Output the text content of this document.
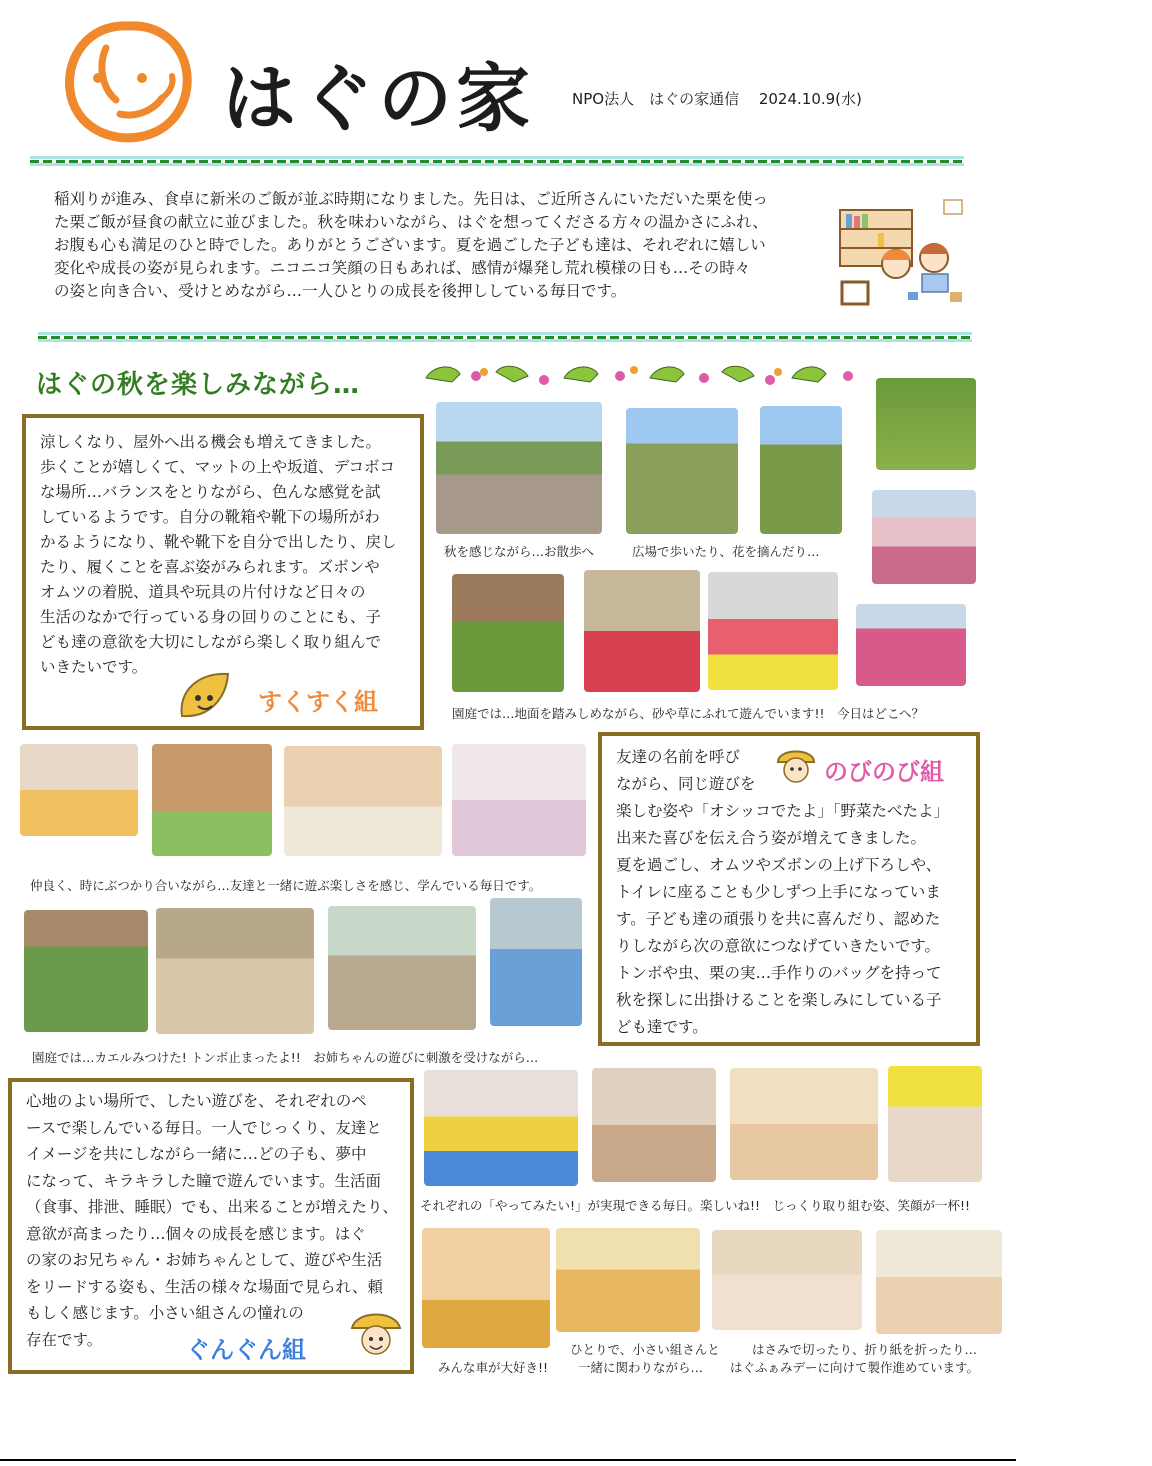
はぐの家	NPO法人　はぐの家通信　 2024.10.9(水)

稲刈りが進み、食卓に新米のご飯が並ぶ時期になりました。先日は、ご近所さんにいただいた栗を使っ

た栗ご飯が昼食の献立に並びました。秋を味わいながら、はぐを想ってくださる方々の温かさにふれ、

お腹も心も満足のひと時でした。ありがとうございます。夏を過ごした子ども達は、それぞれに嬉しい

変化や成長の姿が見られます。ニコニコ笑顔の日もあれば、感情が爆発し荒れ模様の日も…その時々

の姿と向き合い、受けとめながら…一人ひとりの成長を後押ししている毎日です。

はぐの秋を楽しみながら…
涼しくなり、屋外へ出る機会も増えてきました。
歩くことが嬉しくて、マットの上や坂道、デコボコ
な場所…バランスをとりながら、色んな感覚を試
しているようです。自分の靴箱や靴下の場所がわ
かるようになり、靴や靴下を自分で出したり、戻し
たり、履くことを喜ぶ姿がみられます。ズボンや
オムツの着脱、道具や玩具の片付けなど日々の
生活のなかで行っている身の回りのことにも、子
ども達の意欲を大切にしながら楽しく取り組んで
いきたいです。
すくすく組
秋を感じながら…お散歩へ	広場で歩いたり、花を摘んだり…
園庭では…地面を踏みしめながら、砂や草にふれて遊んでいます!!　今日はどこへ？
仲良く、時にぶつかり合いながら…友達と一緒に遊ぶ楽しさを感じ、学んでいる毎日です。
園庭では…カエルみつけた! トンボ止まったよ!!　お姉ちゃんの遊びに刺激を受けながら…
友達の名前を呼び
ながら、同じ遊びを
楽しむ姿や「オシッコでたよ」「野菜たべたよ」
出来た喜びを伝え合う姿が増えてきました。
夏を過ごし、オムツやズボンの上げ下ろしや、
トイレに座ることも少しずつ上手になっていま
す。子ども達の頑張りを共に喜んだり、認めた
りしながら次の意欲につなげていきたいです。
トンボや虫、栗の実…手作りのバッグを持って
秋を探しに出掛けることを楽しみにしている子
ども達です。
のびのび組
心地のよい場所で、したい遊びを、それぞれのペ
ースで楽しんでいる毎日。一人でじっくり、友達と
イメージを共にしながら一緒に…どの子も、夢中
になって、キラキラした瞳で遊んでいます。生活面
（食事、排泄、睡眠）でも、出来ることが増えたり、
意欲が高まったり…個々の成長を感じます。はぐ
の家のお兄ちゃん・お姉ちゃんとして、遊びや生活
をリードする姿も、生活の様々な場面で見られ、頼
もしく感じます。小さい組さんの憧れの
存在です。	ぐんぐん組
それぞれの「やってみたい!」が実現できる毎日。楽しいね!!　じっくり取り組む姿、笑顔が一杯!!
みんな車が大好き!!
ひとりで、小さい組さんと
一緒に関わりながら…
はさみで切ったり、折り紙を折ったり…
はぐふぁみデーに向けて製作進めています。
